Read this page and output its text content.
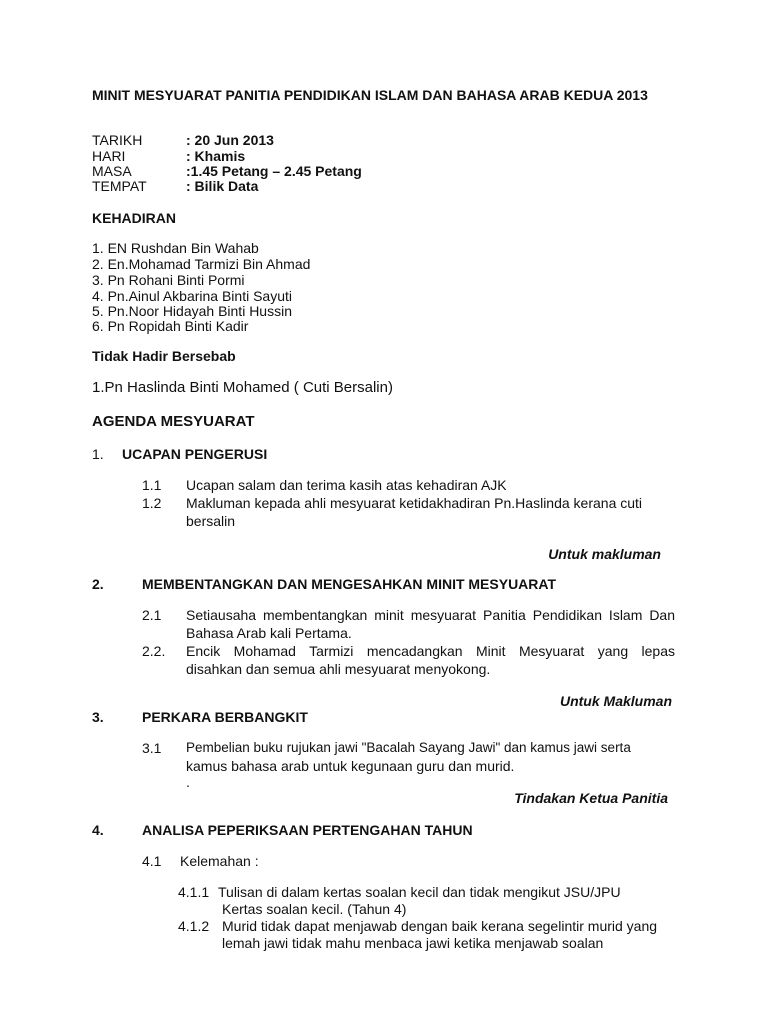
MINIT MESYUARAT PANITIA PENDIDIKAN ISLAM DAN BAHASA ARAB KEDUA 2013
TARIKH	: 20 Jun 2013
HARI	: Khamis
MASA	:1.45 Petang – 2.45 Petang
TEMPAT	: Bilik Data
KEHADIRAN
1. EN Rushdan Bin Wahab
2. En.Mohamad Tarmizi Bin Ahmad
3. Pn Rohani Binti Pormi
4. Pn.Ainul Akbarina Binti Sayuti
5. Pn.Noor Hidayah Binti Hussin
6. Pn Ropidah Binti Kadir
Tidak Hadir Bersebab
1.Pn Haslinda Binti Mohamed ( Cuti Bersalin)
AGENDA MESYUARAT
1. UCAPAN PENGERUSI
1.1 Ucapan salam dan terima kasih atas kehadiran AJK
1.2 Makluman kepada ahli mesyuarat ketidakhadiran Pn.Haslinda kerana cuti
bersalin
Untuk makluman
2.	MEMBENTANGKAN DAN MENGESAHKAN MINIT MESYUARAT
2.1 Setiausaha membentangkan minit mesyuarat Panitia Pendidikan Islam Dan
Bahasa Arab kali Pertama.
2.2. Encik Mohamad Tarmizi mencadangkan Minit Mesyuarat yang lepas
disahkan dan semua ahli mesyuarat menyokong.
Untuk Makluman
3.	PERKARA BERBANGKIT
3.1 Pembelian buku rujukan jawi "Bacalah Sayang Jawi" dan kamus jawi serta
kamus bahasa arab untuk kegunaan guru dan murid.
.
Tindakan Ketua Panitia
4.	ANALISA PEPERIKSAAN PERTENGAHAN TAHUN
4.1 Kelemahan :
4.1.1 Tulisan di dalam kertas soalan kecil dan tidak mengikut JSU/JPU
Kertas soalan kecil. (Tahun 4)
4.1.2 Murid tidak dapat menjawab dengan baik kerana segelintir murid yang
lemah jawi tidak mahu menbaca jawi ketika menjawab soalan
